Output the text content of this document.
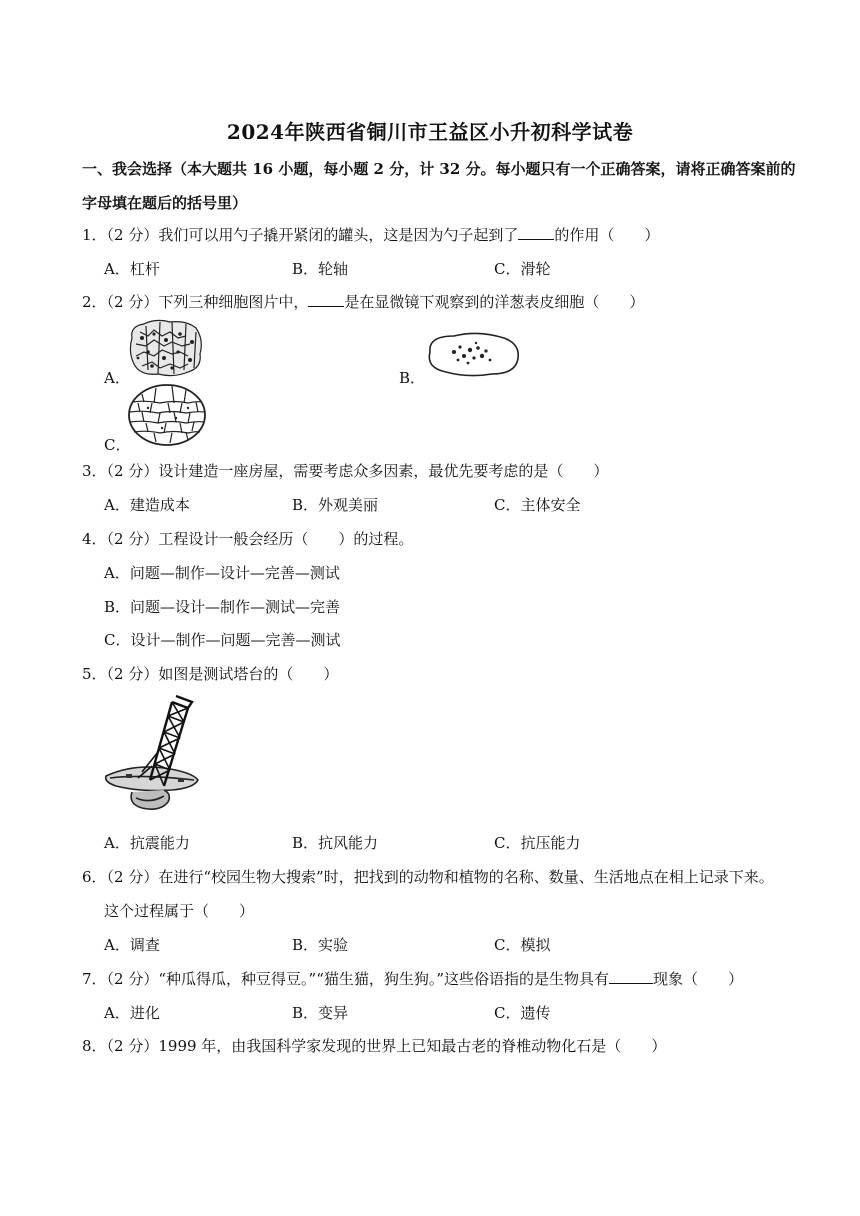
2024年陕西省铜川市王益区小升初科学试卷
一、我会选择（本大题共 16 小题，每小题 2 分，计 32 分。每小题只有一个正确答案，请将正确答案前的
字母填在题后的括号里）
1．（2 分）我们可以用勺子撬开紧闭的罐头，这是因为勺子起到了 的作用（ ）
A．杠杆	B．轮轴	C．滑轮
2．（2 分）下列三种细胞图片中， 是在显微镜下观察到的洋葱表皮细胞（ ）
A．	B．
C．
3．（2 分）设计建造一座房屋，需要考虑众多因素，最优先要考虑的是（ ）
A．建造成本	B．外观美丽	C．主体安全
4．（2 分）工程设计一般会经历（ ）的过程。
A．问题—制作—设计—完善—测试
B．问题—设计—制作—测试—完善
C．设计—制作—问题—完善—测试
5．（2 分）如图是测试塔台的（ ）
A．抗震能力	B．抗风能力	C．抗压能力
6．（2 分）在进行“校园生物大搜索”时，把找到的动物和植物的名称、数量、生活地点在相上记录下来。
这个过程属于（ ）
A．调查	B．实验	C．模拟
7．（2 分）“种瓜得瓜，种豆得豆。”“猫生猫，狗生狗。”这些俗语指的是生物具有	现象（ ）
A．进化	B．变异	C．遗传
8．（2 分）1999 年，由我国科学家发现的世界上已知最古老的脊椎动物化石是（ ）
